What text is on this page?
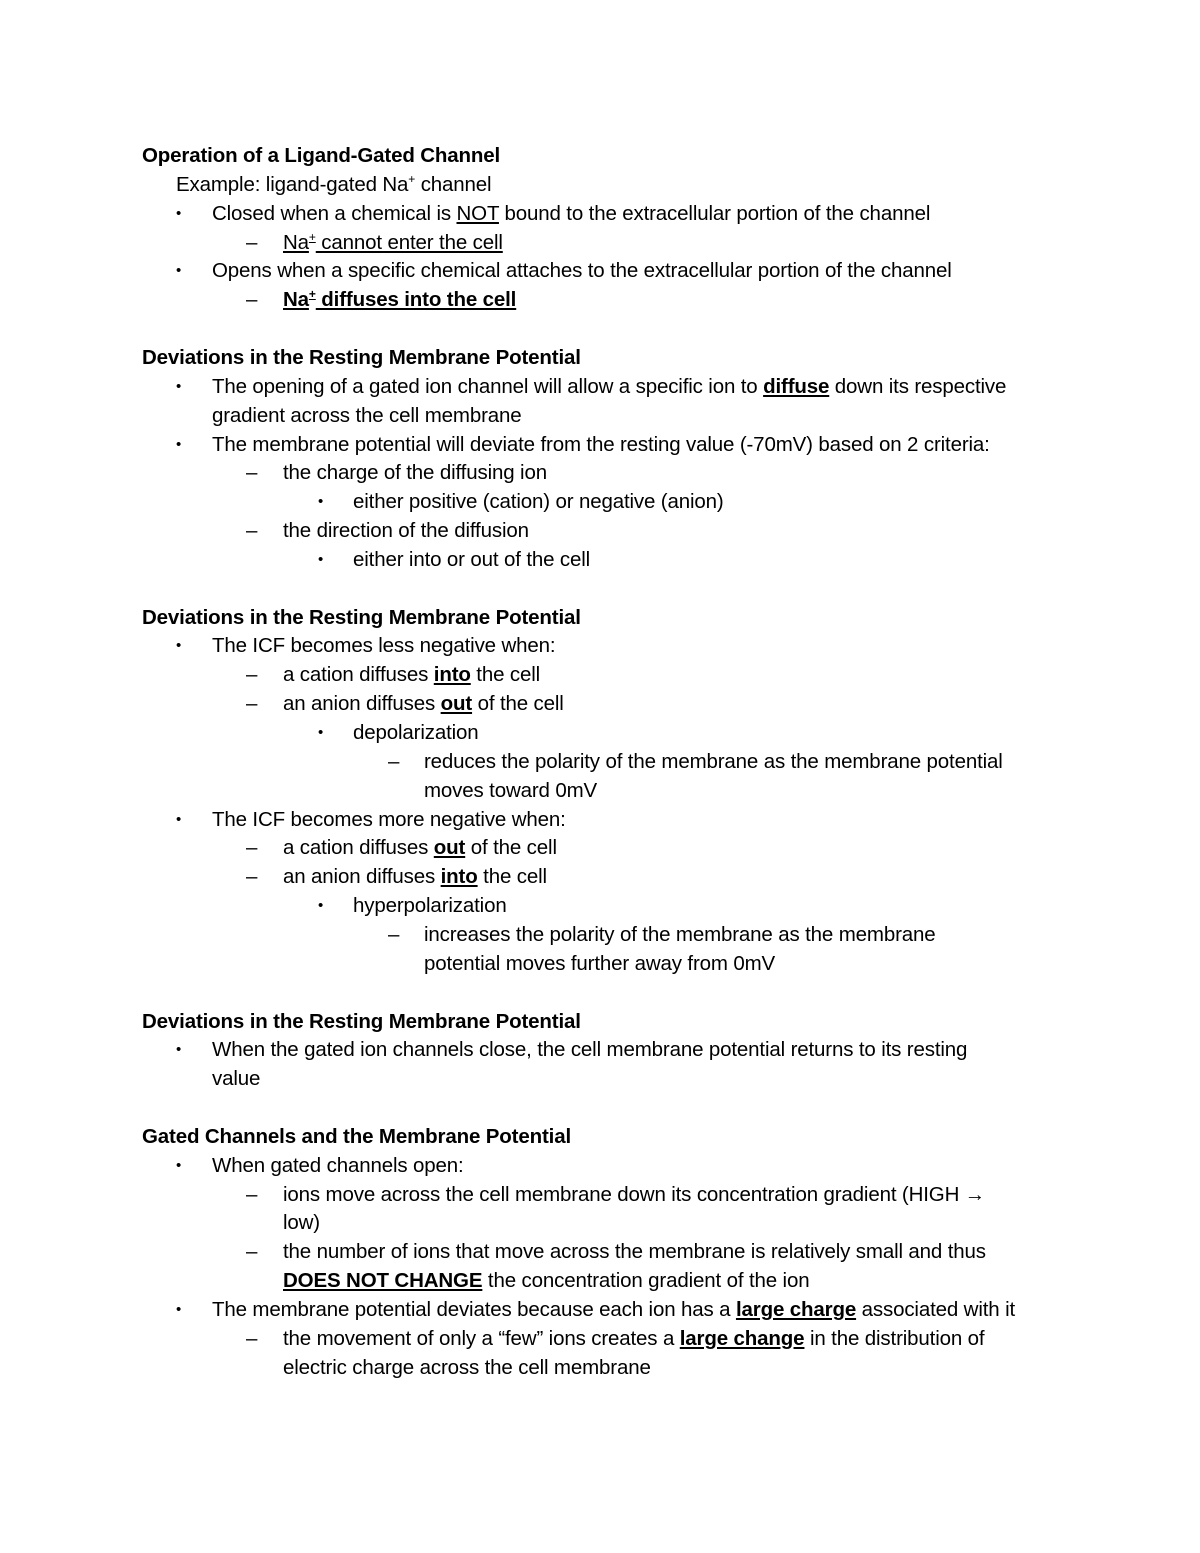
Operation of a Ligand-Gated Channel
Example: ligand-gated Na+ channel
• Closed when a chemical is NOT bound to the extracellular portion of the channel
– Na+ cannot enter the cell
• Opens when a specific chemical attaches to the extracellular portion of the channel
– Na+ diffuses into the cell
Deviations in the Resting Membrane Potential
• The opening of a gated ion channel will allow a specific ion to diffuse down its respective
gradient across the cell membrane
• The membrane potential will deviate from the resting value (-70mV) based on 2 criteria:
– the charge of the diffusing ion
• either positive (cation) or negative (anion)
– the direction of the diffusion
• either into or out of the cell
Deviations in the Resting Membrane Potential
• The ICF becomes less negative when:
– a cation diffuses into the cell
– an anion diffuses out of the cell
• depolarization
– reduces the polarity of the membrane as the membrane potential
moves toward 0mV
• The ICF becomes more negative when:
– a cation diffuses out of the cell
– an anion diffuses into the cell
• hyperpolarization
– increases the polarity of the membrane as the membrane
potential moves further away from 0mV
Deviations in the Resting Membrane Potential
• When the gated ion channels close, the cell membrane potential returns to its resting
value
Gated Channels and the Membrane Potential
• When gated channels open:
– ions move across the cell membrane down its concentration gradient (HIGH →
low)
– the number of ions that move across the membrane is relatively small and thus
DOES NOT CHANGE the concentration gradient of the ion
• The membrane potential deviates because each ion has a large charge associated with it
– the movement of only a “few” ions creates a large change in the distribution of
electric charge across the cell membrane
